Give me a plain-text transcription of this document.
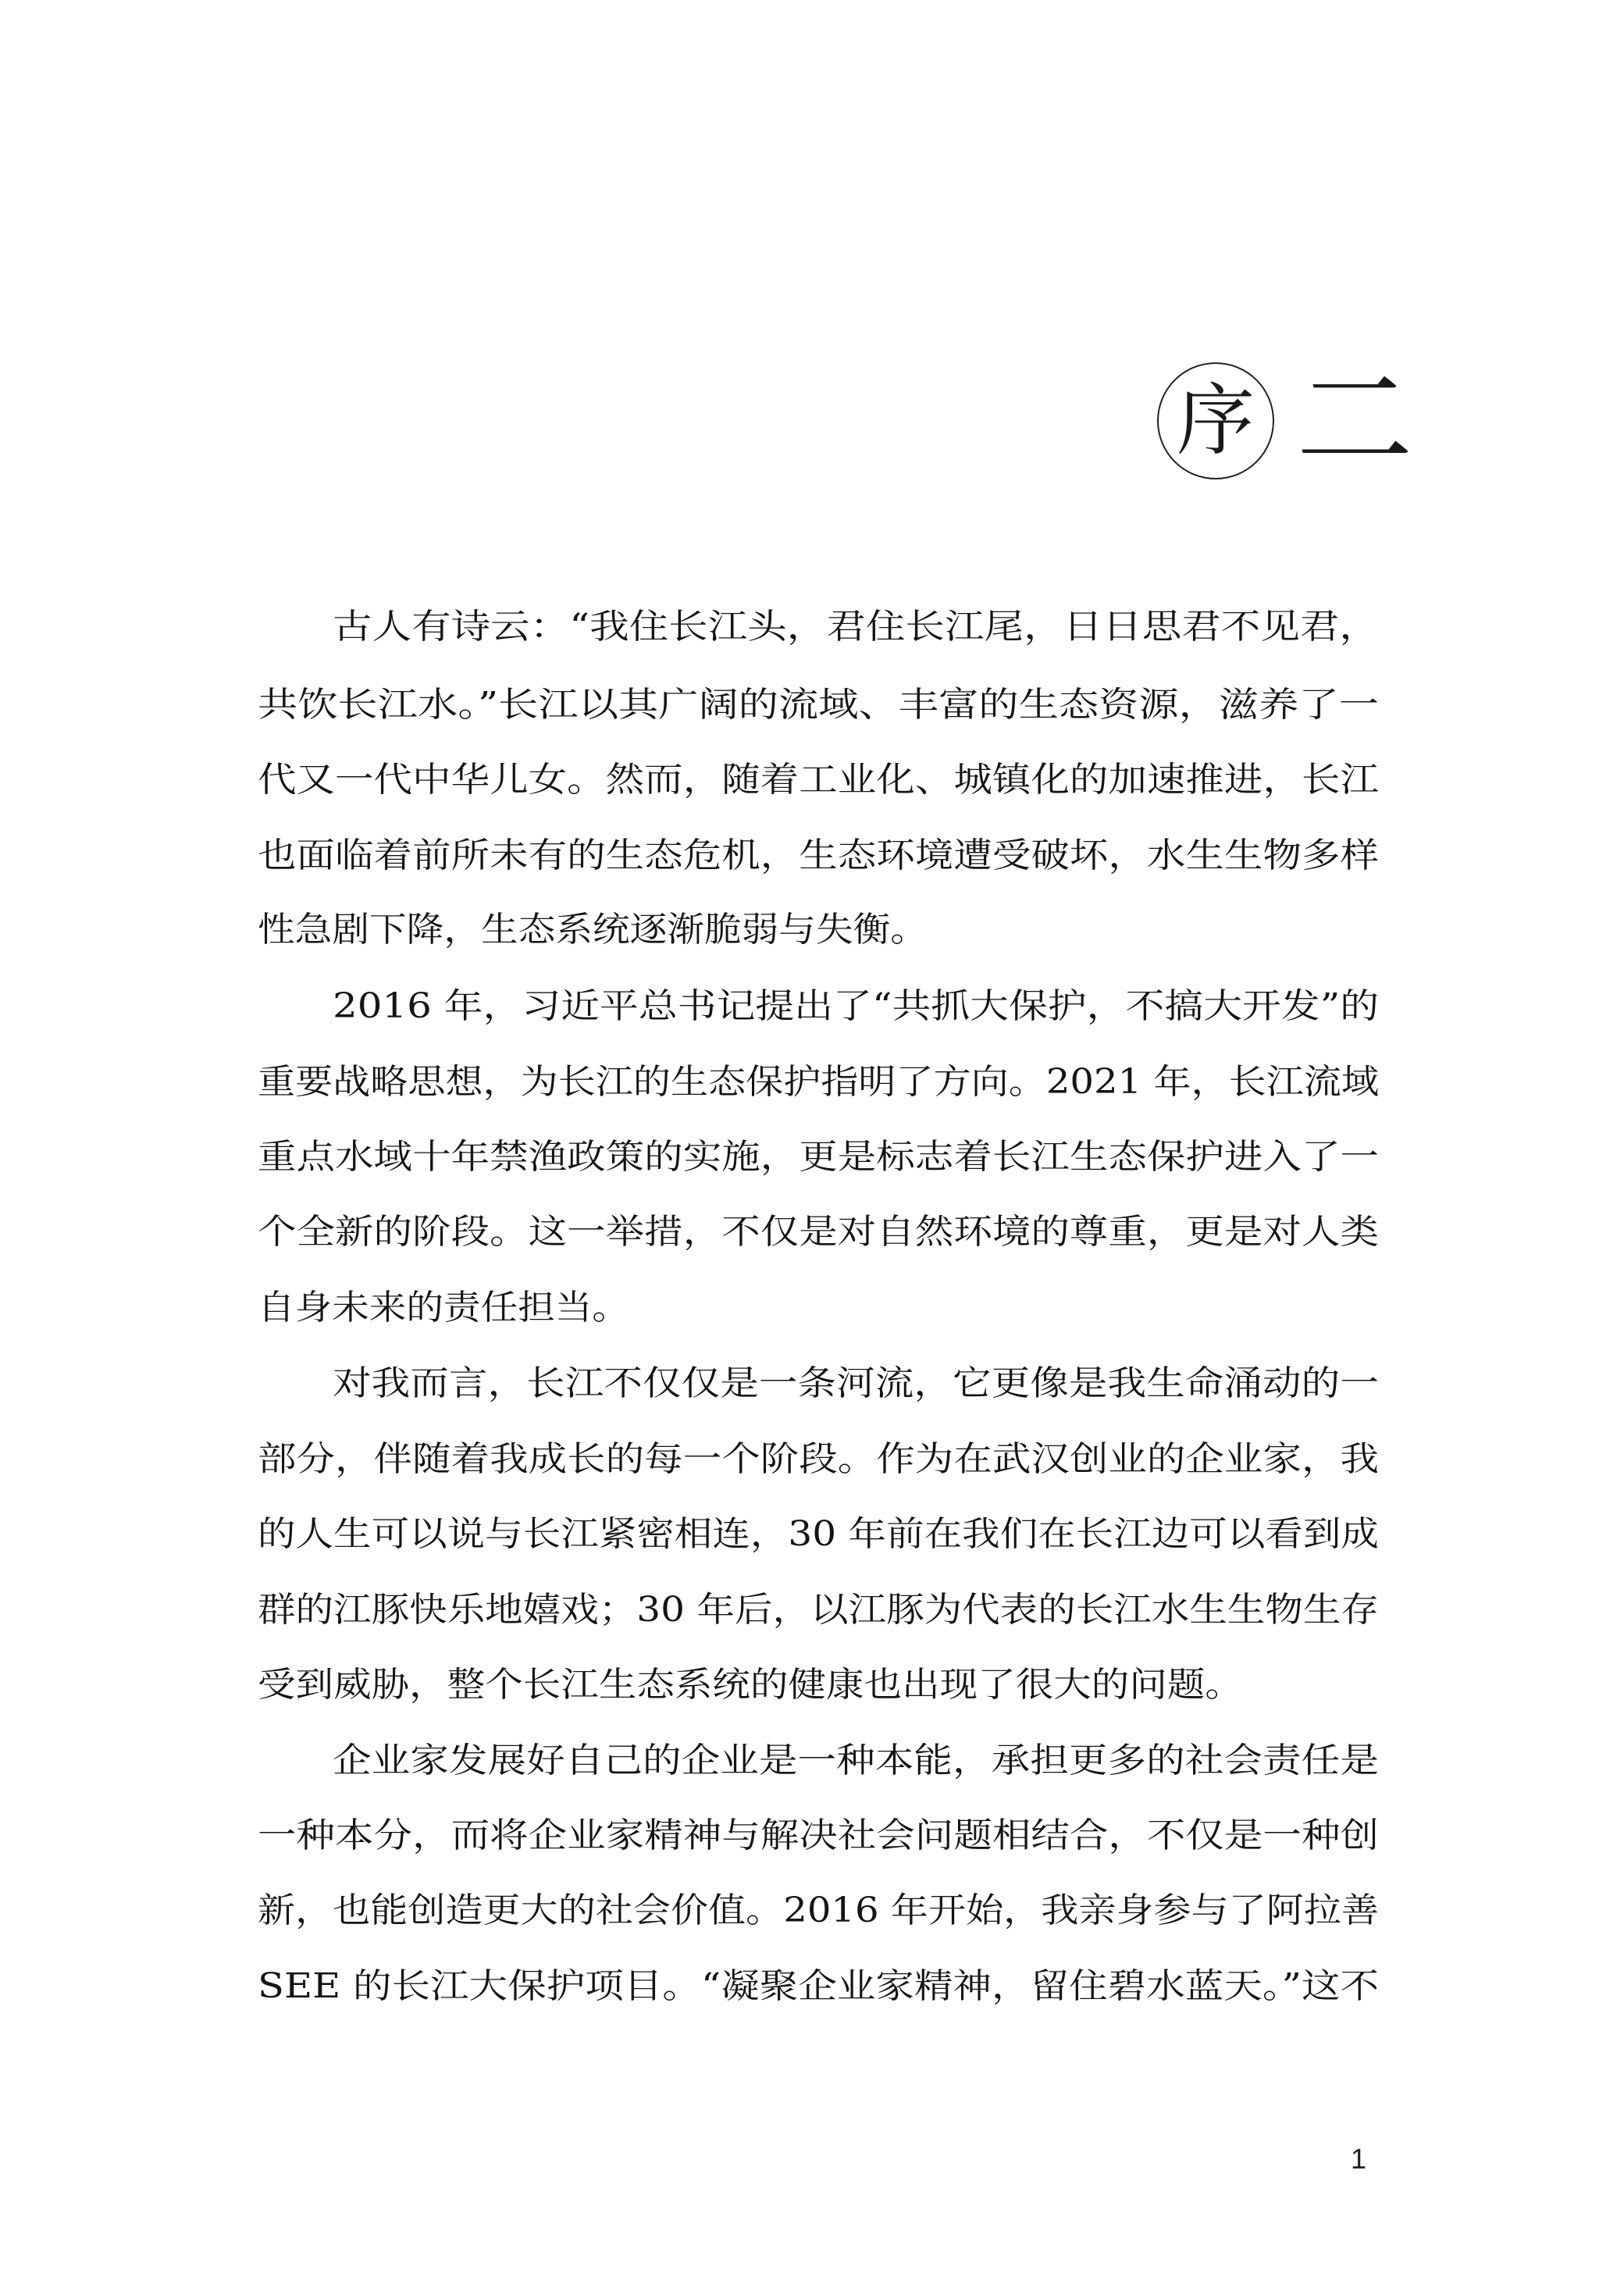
序 二
古人有诗云：“我住长江头，君住长江尾，日日思君不见君，
共饮长江水。”长江以其广阔的流域、丰富的生态资源，滋养了一
代又一代中华儿女。然而，随着工业化、城镇化的加速推进，长江
也面临着前所未有的生态危机，生态环境遭受破坏，水生生物多样
性急剧下降，生态系统逐渐脆弱与失衡。
2016 年，习近平总书记提出了“共抓大保护，不搞大开发”的
重要战略思想，为长江的生态保护指明了方向。2021 年，长江流域
重点水域十年禁渔政策的实施，更是标志着长江生态保护进入了一
个全新的阶段。这一举措，不仅是对自然环境的尊重，更是对人类
自身未来的责任担当。
对我而言，长江不仅仅是一条河流，它更像是我生命涌动的一
部分，伴随着我成长的每一个阶段。作为在武汉创业的企业家，我
的人生可以说与长江紧密相连，30 年前在我们在长江边可以看到成
群的江豚快乐地嬉戏；30 年后，以江豚为代表的长江水生生物生存
受到威胁，整个长江生态系统的健康也出现了很大的问题。
企业家发展好自己的企业是一种本能，承担更多的社会责任是
一种本分，而将企业家精神与解决社会问题相结合，不仅是一种创
新，也能创造更大的社会价值。2016 年开始，我亲身参与了阿拉善
SEE 的长江大保护项目。“凝聚企业家精神，留住碧水蓝天。”这不
1
